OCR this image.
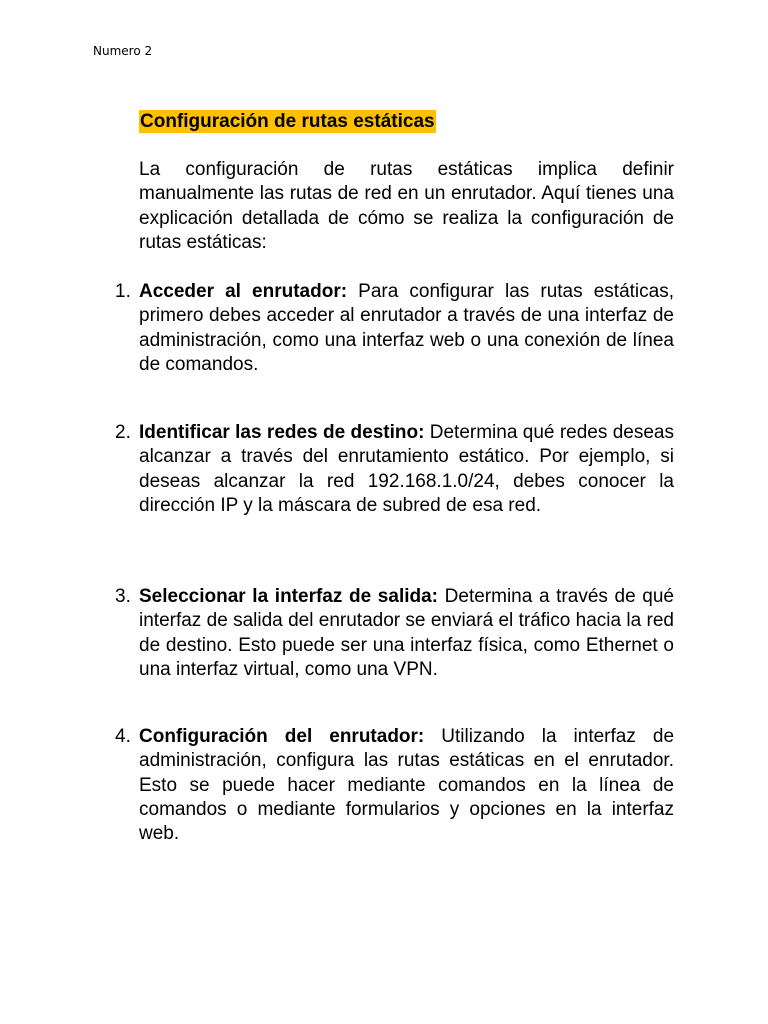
Numero 2
Configuración de rutas estáticas
La configuración de rutas estáticas implica definir manualmente las rutas de red en un enrutador. Aquí tienes una explicación detallada de cómo se realiza la configuración de rutas estáticas:
1. Acceder al enrutador: Para configurar las rutas estáticas, primero debes acceder al enrutador a través de una interfaz de administración, como una interfaz web o una conexión de línea de comandos.
2. Identificar las redes de destino: Determina qué redes deseas alcanzar a través del enrutamiento estático. Por ejemplo, si deseas alcanzar la red 192.168.1.0/24, debes conocer la dirección IP y la máscara de subred de esa red.
3. Seleccionar la interfaz de salida: Determina a través de qué interfaz de salida del enrutador se enviará el tráfico hacia la red de destino. Esto puede ser una interfaz física, como Ethernet o una interfaz virtual, como una VPN.
4. Configuración del enrutador: Utilizando la interfaz de administración, configura las rutas estáticas en el enrutador. Esto se puede hacer mediante comandos en la línea de comandos o mediante formularios y opciones en la interfaz web.
